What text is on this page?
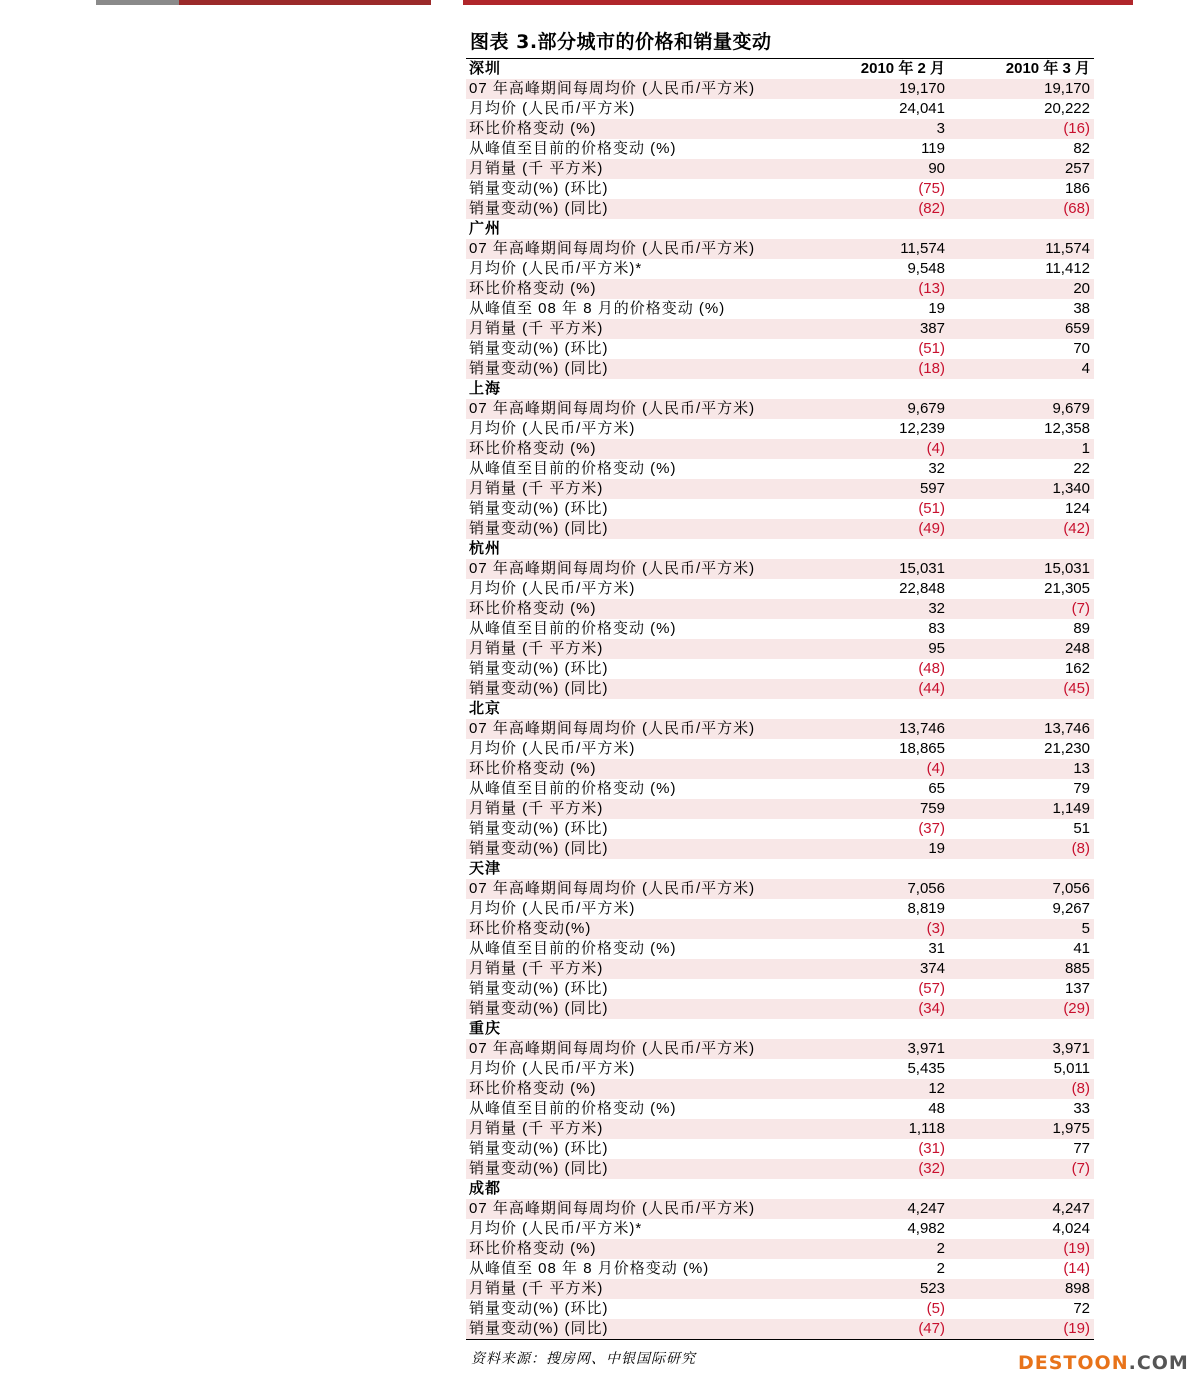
图表 3.部分城市的价格和销量变动
深圳	2010 年 2 月	2010 年 3 月
07 年高峰期间每周均价 (人民币/平方米)	19,170	19,170
月均价 (人民币/平方米)	24,041	20,222
环比价格变动 (%)	3	(16)
从峰值至目前的价格变动 (%)	119	82
月销量 (千 平方米)	90	257
销量变动(%) (环比)	(75)	186
销量变动(%) (同比)	(82)	(68)
广州
07 年高峰期间每周均价 (人民币/平方米)	11,574	11,574
月均价 (人民币/平方米)*	9,548	11,412
环比价格变动 (%)	(13)	20
从峰值至 08 年 8 月的价格变动 (%)	19	38
月销量 (千 平方米)	387	659
销量变动(%) (环比)	(51)	70
销量变动(%) (同比)	(18)	4
上海
07 年高峰期间每周均价 (人民币/平方米)	9,679	9,679
月均价 (人民币/平方米)	12,239	12,358
环比价格变动 (%)	(4)	1
从峰值至目前的价格变动 (%)	32	22
月销量 (千 平方米)	597	1,340
销量变动(%) (环比)	(51)	124
销量变动(%) (同比)	(49)	(42)
杭州
07 年高峰期间每周均价 (人民币/平方米)	15,031	15,031
月均价 (人民币/平方米)	22,848	21,305
环比价格变动 (%)	32	(7)
从峰值至目前的价格变动 (%)	83	89
月销量 (千 平方米)	95	248
销量变动(%) (环比)	(48)	162
销量变动(%) (同比)	(44)	(45)
北京
07 年高峰期间每周均价 (人民币/平方米)	13,746	13,746
月均价 (人民币/平方米)	18,865	21,230
环比价格变动 (%)	(4)	13
从峰值至目前的价格变动 (%)	65	79
月销量 (千 平方米)	759	1,149
销量变动(%) (环比)	(37)	51
销量变动(%) (同比)	19	(8)
天津
07 年高峰期间每周均价 (人民币/平方米)	7,056	7,056
月均价 (人民币/平方米)	8,819	9,267
环比价格变动(%)	(3)	5
从峰值至目前的价格变动 (%)	31	41
月销量 (千 平方米)	374	885
销量变动(%) (环比)	(57)	137
销量变动(%) (同比)	(34)	(29)
重庆
07 年高峰期间每周均价 (人民币/平方米)	3,971	3,971
月均价 (人民币/平方米)	5,435	5,011
环比价格变动 (%)	12	(8)
从峰值至目前的价格变动 (%)	48	33
月销量 (千 平方米)	1,118	1,975
销量变动(%) (环比)	(31)	77
销量变动(%) (同比)	(32)	(7)
成都
07 年高峰期间每周均价 (人民币/平方米)	4,247	4,247
月均价 (人民币/平方米)*	4,982	4,024
环比价格变动 (%)	2	(19)
从峰值至 08 年 8 月价格变动 (%)	2	(14)
月销量 (千 平方米)	523	898
销量变动(%) (环比)	(5)	72
销量变动(%) (同比)	(47)	(19)
资料来源：搜房网、中银国际研究	DESTOON.COM
